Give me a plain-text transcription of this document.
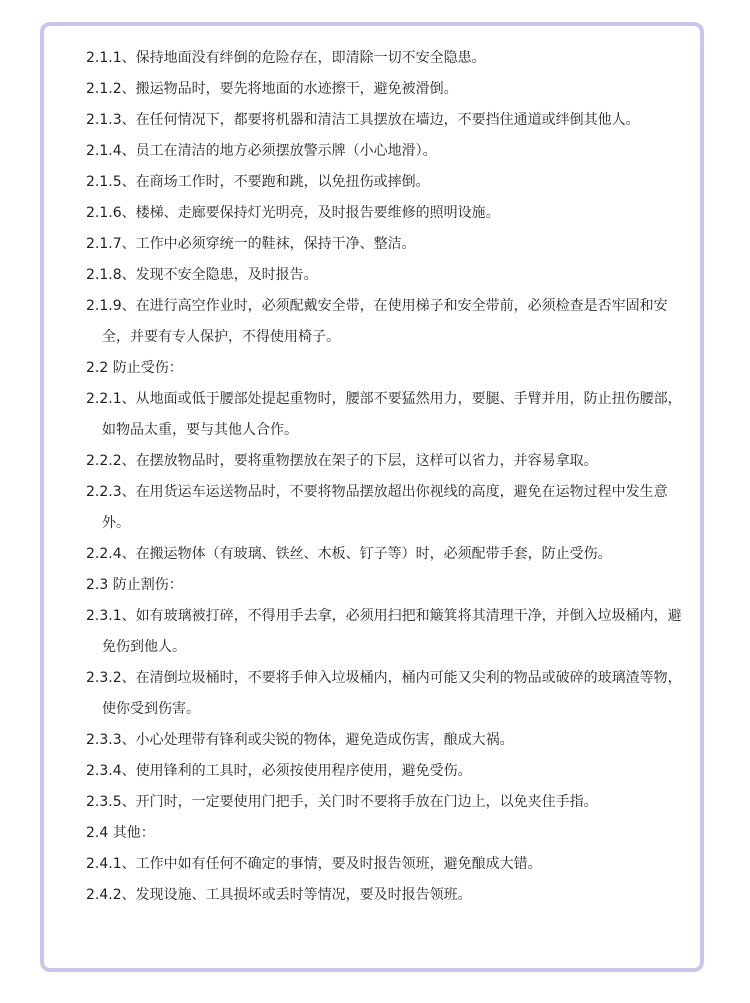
2.1.1、保持地面没有绊倒的危险存在，即清除一切不安全隐患。

2.1.2、搬运物品时，要先将地面的水迹擦干，避免被滑倒。

2.1.3、在任何情况下，都要将机器和清洁工具摆放在墙边，不要挡住通道或绊倒其他人。

2.1.4、员工在清洁的地方必须摆放警示牌（小心地滑）。

2.1.5、在商场工作时，不要跑和跳，以免扭伤或摔倒。

2.1.6、楼梯、走廊要保持灯光明亮，及时报告要维修的照明设施。

2.1.7、工作中必须穿统一的鞋袜，保持干净、整洁。

2.1.8、发现不安全隐患，及时报告。

2.1.9、在进行高空作业时，必须配戴安全带，在使用梯子和安全带前，必须检查是否牢固和安全，并要有专人保护，不得使用椅子。

2.2 防止受伤：

2.2.1、从地面或低于腰部处提起重物时，腰部不要猛然用力，要腿、手臂并用，防止扭伤腰部，如物品太重，要与其他人合作。

2.2.2、在摆放物品时，要将重物摆放在架子的下层，这样可以省力，并容易拿取。

2.2.3、在用货运车运送物品时，不要将物品摆放超出你视线的高度，避免在运物过程中发生意外。

2.2.4、在搬运物体（有玻璃、铁丝、木板、钉子等）时，必须配带手套，防止受伤。

2.3 防止割伤：

2.3.1、如有玻璃被打碎，不得用手去拿，必须用扫把和簸箕将其清理干净，并倒入垃圾桶内，避免伤到他人。

2.3.2、在清倒垃圾桶时，不要将手伸入垃圾桶内，桶内可能又尖利的物品或破碎的玻璃渣等物，使你受到伤害。

2.3.3、小心处理带有锋利或尖锐的物体，避免造成伤害，酿成大祸。

2.3.4、使用锋利的工具时，必须按使用程序使用，避免受伤。

2.3.5、开门时，一定要使用门把手，关门时不要将手放在门边上，以免夹住手指。

2.4 其他：

2.4.1、工作中如有任何不确定的事情，要及时报告领班，避免酿成大错。

2.4.2、发现设施、工具损坏或丢时等情况，要及时报告领班。
